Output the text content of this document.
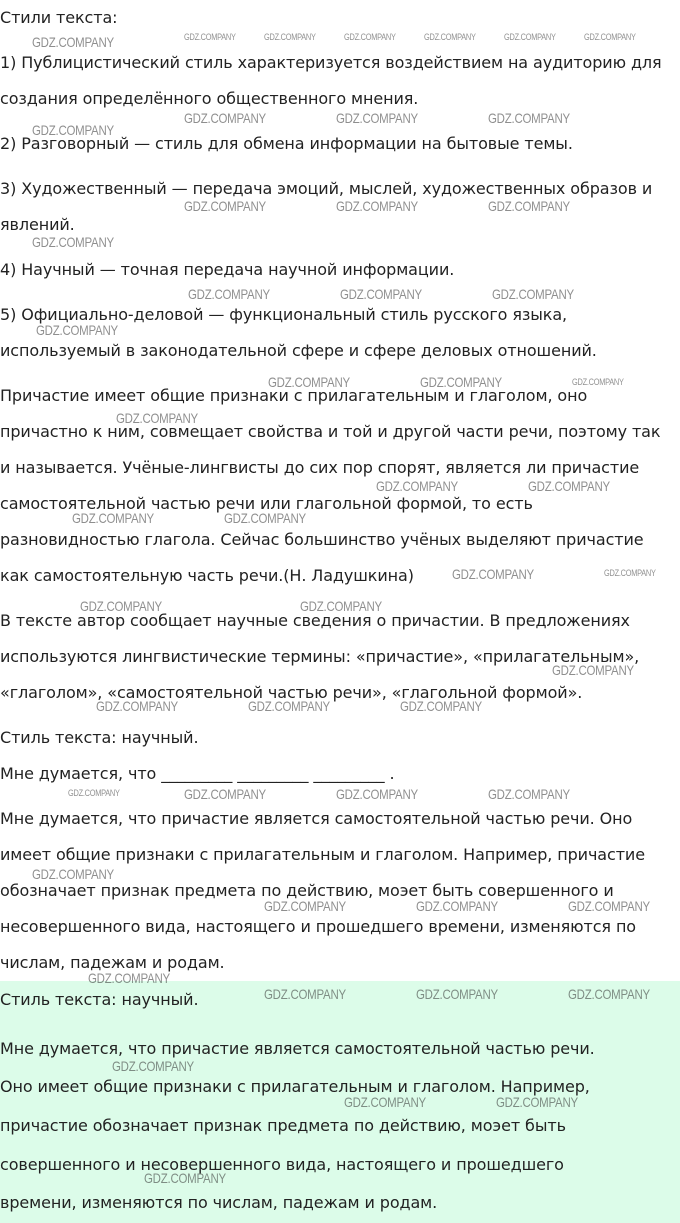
Стили текста:
1) Публицистический стиль характеризуется воздействием на аудиторию для
создания определённого общественного мнения.
2) Разговорный — стиль для обмена информации на бытовые темы.
3) Художественный — передача эмоций, мыслей, художественных образов и
явлений.
4) Научный — точная передача научной информации.
5) Официально-деловой — функциональный стиль русского языка,
используемый в законодательной сфере и сфере деловых отношений.
Причастие имеет общие признаки с прилагательным и глаголом, оно
причастно к ним, совмещает свойства и той и другой части речи, поэтому так
и называется. Учёные-лингвисты до сих пор спорят, является ли причастие
самостоятельной частью речи или глагольной формой, то есть
разновидностью глагола. Сейчас большинство учёных выделяют причастие
как самостоятельную часть речи.(Н. Ладушкина)
В тексте автор сообщает научные сведения о причастии. В предложениях
используются лингвистические термины: «причастие», «прилагательным»,
«глаголом», «самостоятельной частью речи», «глагольной формой».
Стиль текста: научный.
Мне думается, что _________ _________ _________ .
Мне думается, что причастие является самостоятельной частью речи. Оно
имеет общие признаки с прилагательным и глаголом. Например, причастие
обозначает признак предмета по действию, моэет быть совершенного и
несовершенного вида, настоящего и прошедшего времени, изменяются по
числам, падежам и родам.
Стиль текста: научный.
Мне думается, что причастие является самостоятельной частью речи.
Оно имеет общие признаки с прилагательным и глаголом. Например,
причастие обозначает признак предмета по действию, моэет быть
совершенного и несовершенного вида, настоящего и прошедшего
времени, изменяются по числам, падежам и родам.
GDZ.COMPANY
GDZ.COMPANY
GDZ.COMPANY	GDZ.COMPANY	GDZ.COMPANY
GDZ.COMPANY	GDZ.COMPANY	GDZ.COMPANY
GDZ.COMPANY
GDZ.COMPANY	GDZ.COMPANY	GDZ.COMPANY
GDZ.COMPANY
GDZ.COMPANY	GDZ.COMPANY
GDZ.COMPANY
GDZ.COMPANY	GDZ.COMPANY
GDZ.COMPANY	GDZ.COMPANY
GDZ.COMPANY
GDZ.COMPANY	GDZ.COMPANY
GDZ.COMPANY
GDZ.COMPANY	GDZ.COMPANY	GDZ.COMPANY
GDZ.COMPANY	GDZ.COMPANY	GDZ.COMPANY
GDZ.COMPANY
GDZ.COMPANY	GDZ.COMPANY	GDZ.COMPANY
GDZ.COMPANY
GDZ.COMPANY	GDZ.COMPANY	GDZ.COMPANY
GDZ.COMPANY
GDZ.COMPANY	GDZ.COMPANY
GDZ.COMPANY
GDZ.COMPANY	GDZ.COMPANY	GDZ.COMPANY	GDZ.COMPANY	GDZ.COMPANY	GDZ.COMPANY
GDZ.COMPANY
GDZ.COMPANY
GDZ.COMPANY
